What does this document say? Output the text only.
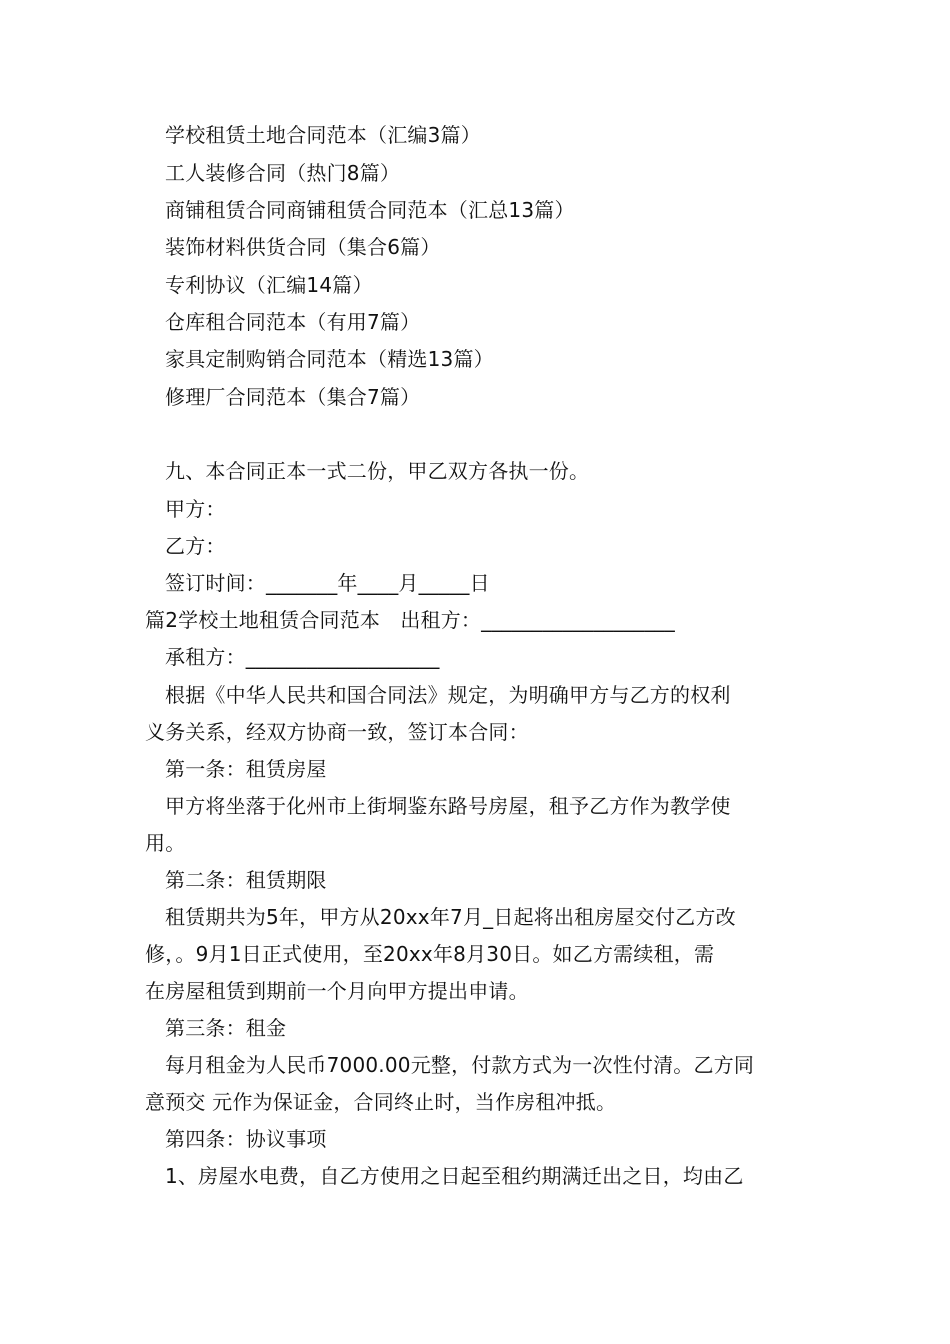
学校租赁土地合同范本（汇编3篇）
工人装修合同（热门8篇）
商铺租赁合同商铺租赁合同范本（汇总13篇）
装饰材料供货合同（集合6篇）
专利协议（汇编14篇）
仓库租合同范本（有用7篇）
家具定制购销合同范本（精选13篇）
修理厂合同范本（集合7篇）
九、本合同正本一式二份，甲乙双方各执一份。
甲方：
乙方：
签订时间：_______年____月_____日
篇2学校土地租赁合同范本　出租方：___________________
承租方：___________________
根据《中华人民共和国合同法》规定，为明确甲方与乙方的权利
义务关系，经双方协商一致，签订本合同：
第一条：租赁房屋
甲方将坐落于化州市上街垌鉴东路号房屋，租予乙方作为教学使
用。
第二条：租赁期限
租赁期共为5年，甲方从20xx年7月_日起将出租房屋交付乙方改
修，。9月1日正式使用，至20xx年8月30日。如乙方需续租，需
在房屋租赁到期前一个月向甲方提出申请。
第三条：租金
每月租金为人民币7000.00元整，付款方式为一次性付清。乙方同
意预交 元作为保证金，合同终止时，当作房租冲抵。
第四条：协议事项
1、房屋水电费，自乙方使用之日起至租约期满迁出之日，均由乙
